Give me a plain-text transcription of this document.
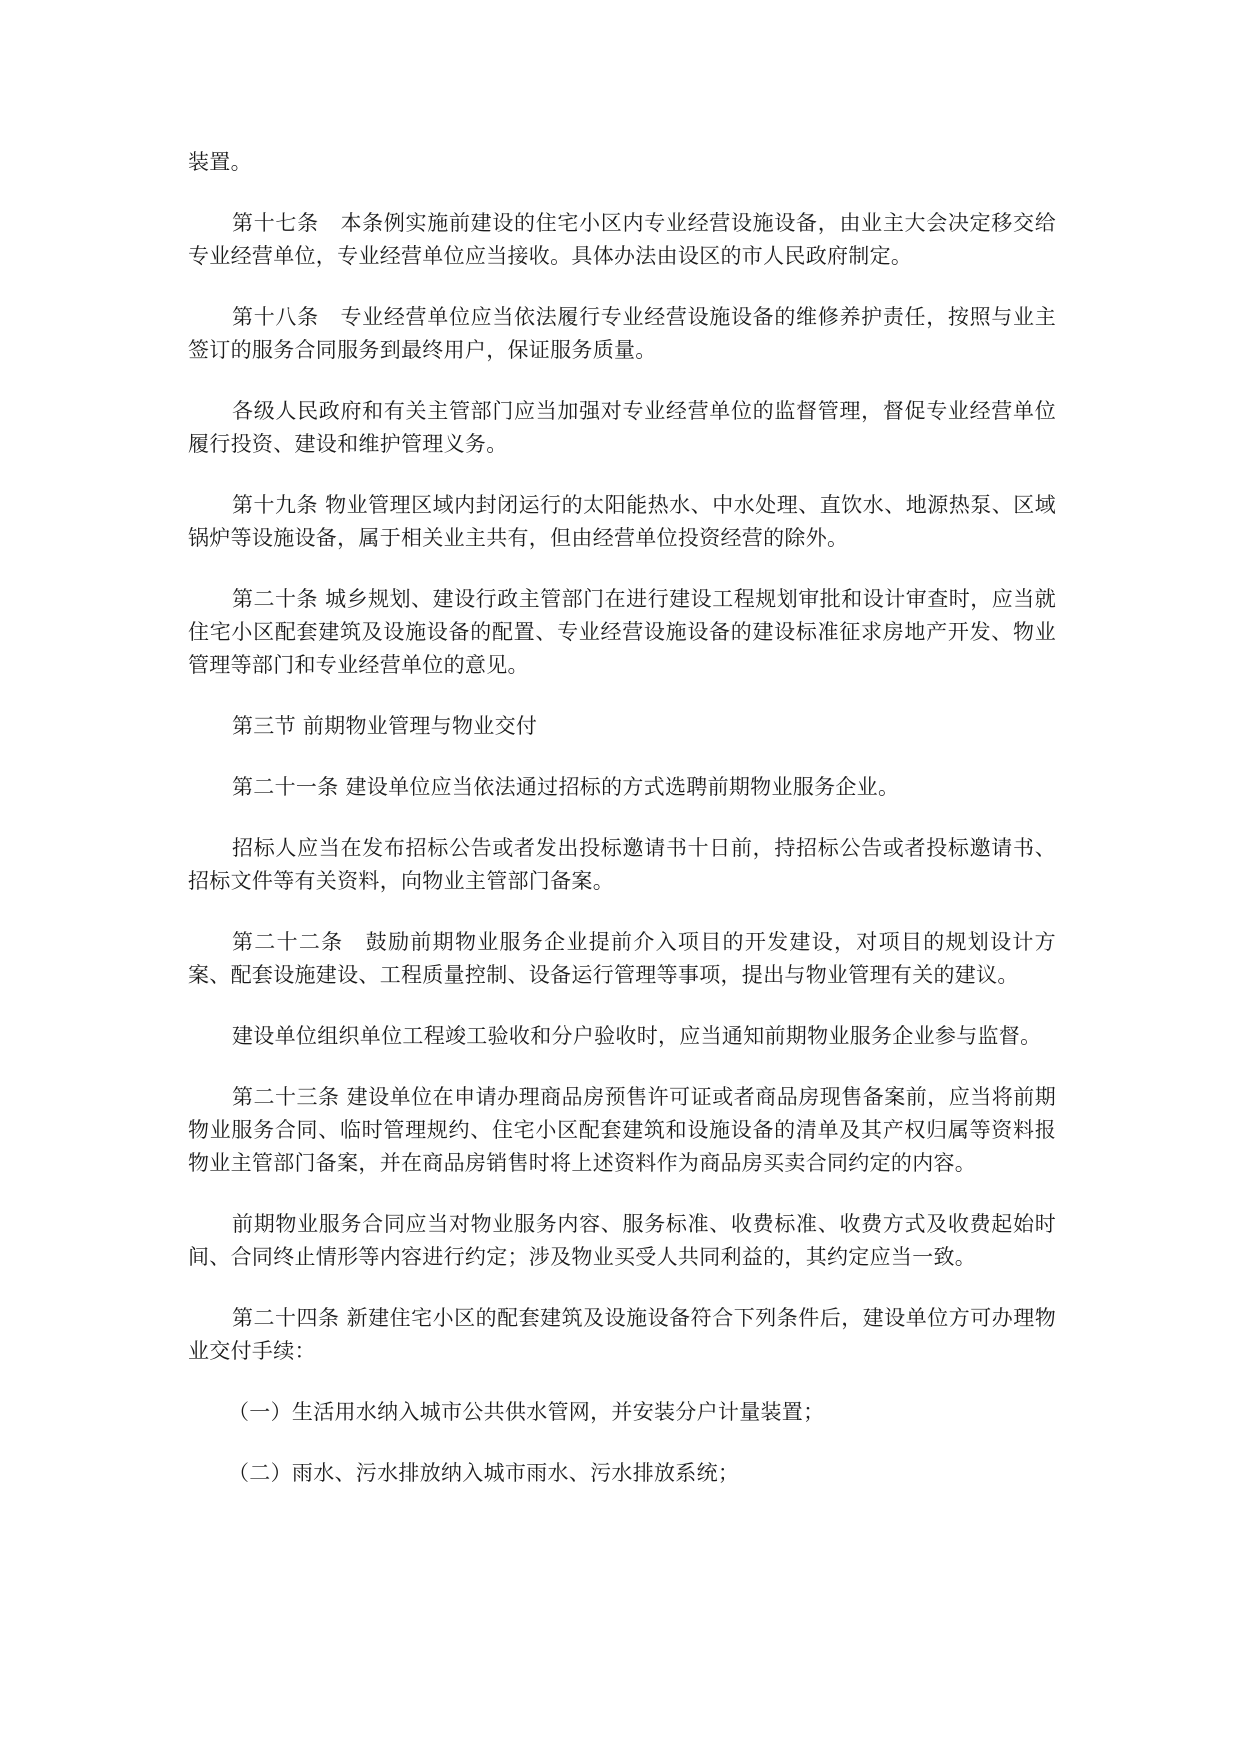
装置。

第十七条　本条例实施前建设的住宅小区内专业经营设施设备，由业主大会决定移交给专业经营单位，专业经营单位应当接收。具体办法由设区的市人民政府制定。

第十八条　专业经营单位应当依法履行专业经营设施设备的维修养护责任，按照与业主签订的服务合同服务到最终用户，保证服务质量。

各级人民政府和有关主管部门应当加强对专业经营单位的监督管理，督促专业经营单位履行投资、建设和维护管理义务。

第十九条 物业管理区域内封闭运行的太阳能热水、中水处理、直饮水、地源热泵、区域锅炉等设施设备，属于相关业主共有，但由经营单位投资经营的除外。

第二十条 城乡规划、建设行政主管部门在进行建设工程规划审批和设计审查时，应当就住宅小区配套建筑及设施设备的配置、专业经营设施设备的建设标准征求房地产开发、物业管理等部门和专业经营单位的意见。

第三节 前期物业管理与物业交付

第二十一条 建设单位应当依法通过招标的方式选聘前期物业服务企业。

招标人应当在发布招标公告或者发出投标邀请书十日前，持招标公告或者投标邀请书、招标文件等有关资料，向物业主管部门备案。

第二十二条　鼓励前期物业服务企业提前介入项目的开发建设，对项目的规划设计方案、配套设施建设、工程质量控制、设备运行管理等事项，提出与物业管理有关的建议。

建设单位组织单位工程竣工验收和分户验收时，应当通知前期物业服务企业参与监督。

第二十三条 建设单位在申请办理商品房预售许可证或者商品房现售备案前，应当将前期物业服务合同、临时管理规约、住宅小区配套建筑和设施设备的清单及其产权归属等资料报物业主管部门备案，并在商品房销售时将上述资料作为商品房买卖合同约定的内容。

前期物业服务合同应当对物业服务内容、服务标准、收费标准、收费方式及收费起始时间、合同终止情形等内容进行约定；涉及物业买受人共同利益的，其约定应当一致。

第二十四条 新建住宅小区的配套建筑及设施设备符合下列条件后，建设单位方可办理物业交付手续：

（一）生活用水纳入城市公共供水管网，并安装分户计量装置；

（二）雨水、污水排放纳入城市雨水、污水排放系统；
